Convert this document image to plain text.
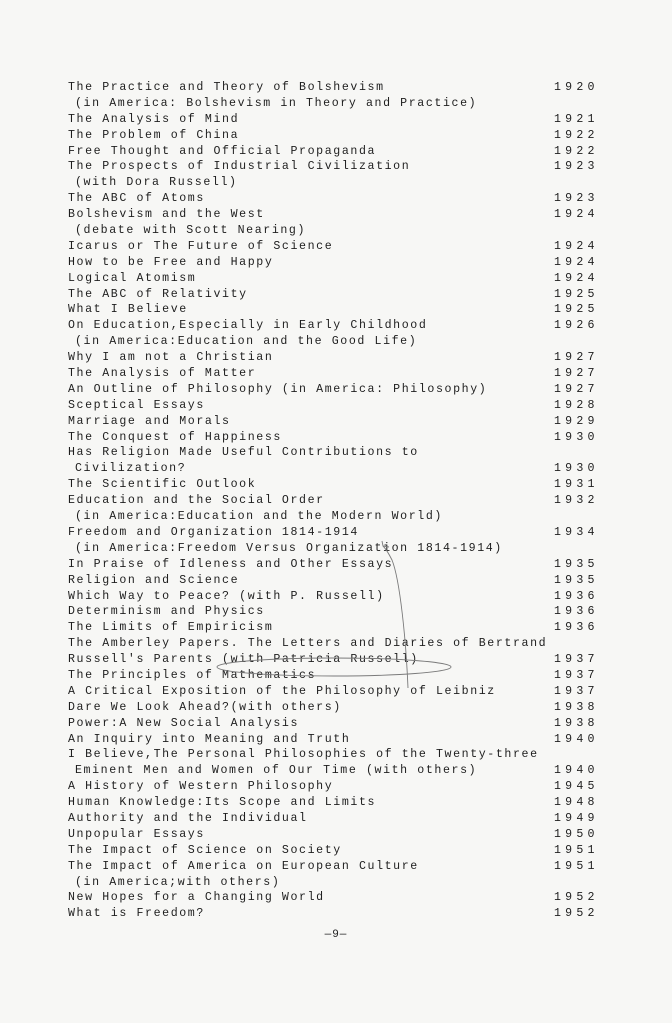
The Practice and Theory of Bolshevism	1920
(in America: Bolshevism in Theory and Practice)
The Analysis of Mind	1921
The Problem of China	1922
Free Thought and Official Propaganda	1922
The Prospects of Industrial Civilization	1923
(with Dora Russell)
The ABC of Atoms	1923
Bolshevism and the West	1924
(debate with Scott Nearing)
Icarus or The Future of Science	1924
How to be Free and Happy	1924
Logical Atomism	1924
The ABC of Relativity	1925
What I Believe	1925
On Education,Especially in Early Childhood	1926
(in America:Education and the Good Life)
Why I am not a Christian	1927
The Analysis of Matter	1927
An Outline of Philosophy (in America: Philosophy)	1927
Sceptical Essays	1928
Marriage and Morals	1929
The Conquest of Happiness	1930
Has Religion Made Useful Contributions to
Civilization?	1930
The Scientific Outlook	1931
Education and the Social Order	1932
(in America:Education and the Modern World)
Freedom and Organization 1814-1914	1934
(in America:Freedom Versus Organization 1814-1914)
In Praise of Idleness and Other Essays	1935
Religion and Science	1935
Which Way to Peace? (with P. Russell)	1936
Determinism and Physics	1936
The Limits of Empiricism	1936
The Amberley Papers. The Letters and Diaries of Bertrand
Russell's Parents (with Patricia Russell)	1937
The Principles of Mathematics	1937
A Critical Exposition of the Philosophy of Leibniz	1937
Dare We Look Ahead?(with others)	1938
Power:A New Social Analysis	1938
An Inquiry into Meaning and Truth	1940
I Believe,The Personal Philosophies of the Twenty-three
Eminent Men and Women of Our Time (with others)	1940
A History of Western Philosophy	1945
Human Knowledge:Its Scope and Limits	1948
Authority and the Individual	1949
Unpopular Essays	1950
The Impact of Science on Society	1951
The Impact of America on European Culture	1951
(in America;with others)
New Hopes for a Changing World	1952
What is Freedom?	1952
—9—
